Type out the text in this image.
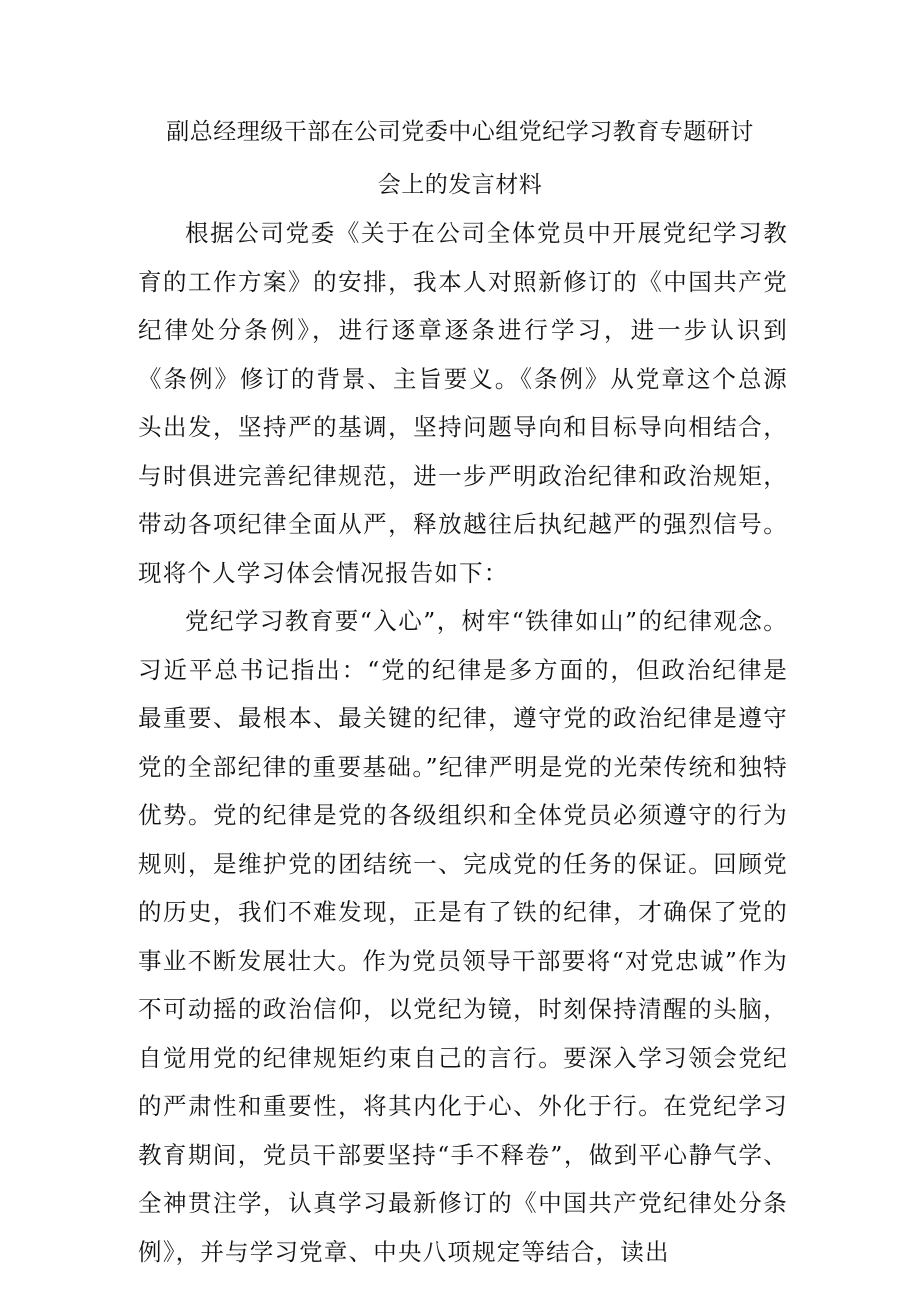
副总经理级干部在公司党委中心组党纪学习教育专题研讨
会上的发言材料

根据公司党委《关于在公司全体党员中开展党纪学习教育的工作方案》的安排，我本人对照新修订的《中国共产党纪律处分条例》，进行逐章逐条进行学习，进一步认识到《条例》修订的背景、主旨要义。《条例》从党章这个总源头出发，坚持严的基调，坚持问题导向和目标导向相结合，与时俱进完善纪律规范，进一步严明政治纪律和政治规矩，带动各项纪律全面从严，释放越往后执纪越严的强烈信号。现将个人学习体会情况报告如下：

党纪学习教育要“入心”，树牢“铁律如山”的纪律观念。习近平总书记指出：“党的纪律是多方面的，但政治纪律是最重要、最根本、最关键的纪律，遵守党的政治纪律是遵守党的全部纪律的重要基础。”纪律严明是党的光荣传统和独特优势。党的纪律是党的各级组织和全体党员必须遵守的行为规则，是维护党的团结统一、完成党的任务的保证。回顾党的历史，我们不难发现，正是有了铁的纪律，才确保了党的事业不断发展壮大。作为党员领导干部要将“对党忠诚”作为不可动摇的政治信仰，以党纪为镜，时刻保持清醒的头脑，自觉用党的纪律规矩约束自己的言行。要深入学习领会党纪的严肃性和重要性，将其内化于心、外化于行。在党纪学习教育期间，党员干部要坚持“手不释卷”，做到平心静气学、全神贯注学，认真学习最新修订的《中国共产党纪律处分条例》，并与学习党章、中央八项规定等结合，读出
